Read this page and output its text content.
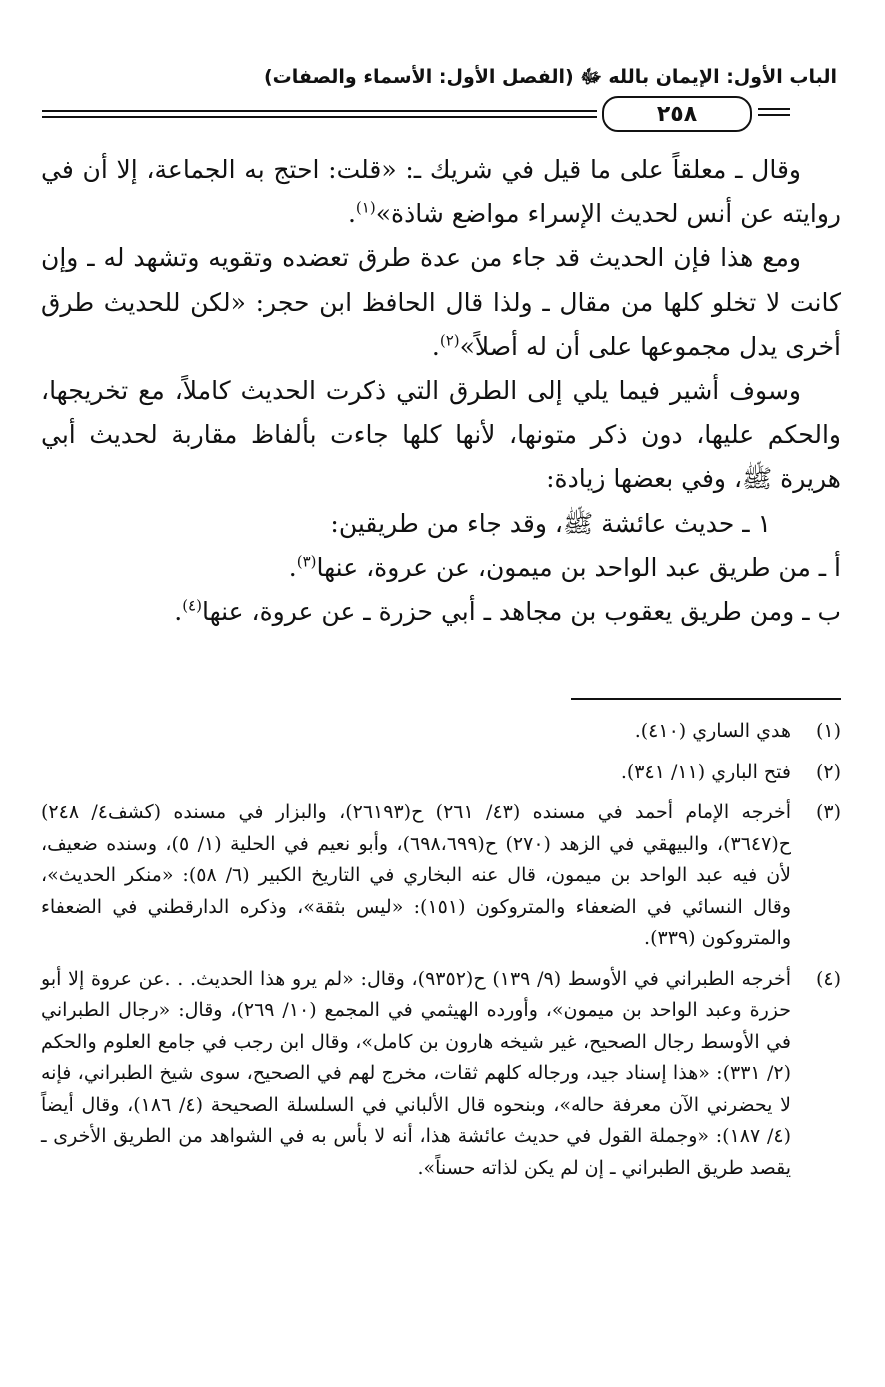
الباب الأول: الإيمان بالله ﷻ (الفصل الأول: الأسماء والصفات)
٢٥٨

وقال ـ معلقاً على ما قيل في شريك ـ: «قلت: احتج به الجماعة، إلا أن في روايته عن أنس لحديث الإسراء مواضع شاذة»$^{(١)}$.

ومع هذا فإن الحديث قد جاء من عدة طرق تعضده وتقويه وتشهد له ـ وإن كانت لا تخلو كلها من مقال ـ ولذا قال الحافظ ابن حجر: «لكن للحديث طرق أخرى يدل مجموعها على أن له أصلاً»$^{(٢)}$.

وسوف أشير فيما يلي إلى الطرق التي ذكرت الحديث كاملاً، مع تخريجها، والحكم عليها، دون ذكر متونها، لأنها كلها جاءت بألفاظ مقاربة لحديث أبي هريرة ﷺ، وفي بعضها زيادة:

١ ـ حديث عائشة ﷺ، وقد جاء من طريقين:

أ ـ من طريق عبد الواحد بن ميمون، عن عروة، عنها$^{(٣)}$.

ب ـ ومن طريق يعقوب بن مجاهد ـ أبي حزرة ـ عن عروة، عنها$^{(٤)}$.

(١)
هدي الساري (٤١٠).
(٢)
فتح الباري (١١/ ٣٤١).
(٣)
أخرجه الإمام أحمد في مسنده (٤٣/ ٢٦١) ح(٢٦١٩٣)، والبزار في مسنده (كشف٤/ ٢٤٨) ح(٣٦٤٧)، والبيهقي في الزهد (٢٧٠) ح(٦٩٨،٦٩٩)، وأبو نعيم في الحلية (١/ ٥)، وسنده ضعيف، لأن فيه عبد الواحد بن ميمون، قال عنه البخاري في التاريخ الكبير (٦/ ٥٨): «منكر الحديث»، وقال النسائي في الضعفاء والمتروكون (١٥١): «ليس بثقة»، وذكره الدارقطني في الضعفاء والمتروكون (٣٣٩).
(٤)
أخرجه الطبراني في الأوسط (٩/ ١٣٩) ح(٩٣٥٢)، وقال: «لم يرو هذا الحديث. . .عن عروة إلا أبو حزرة وعبد الواحد بن ميمون»، وأورده الهيثمي في المجمع (١٠/ ٢٦٩)، وقال: «رجال الطبراني في الأوسط رجال الصحيح، غير شيخه هارون بن كامل»، وقال ابن رجب في جامع العلوم والحكم (٢/ ٣٣١): «هذا إسناد جيد، ورجاله كلهم ثقات، مخرج لهم في الصحيح، سوى شيخ الطبراني، فإنه لا يحضرني الآن معرفة حاله»، وبنحوه قال الألباني في السلسلة الصحيحة (٤/ ١٨٦)، وقال أيضاً (٤/ ١٨٧): «وجملة القول في حديث عائشة هذا، أنه لا بأس به في الشواهد من الطريق الأخرى ـ يقصد طريق الطبراني ـ إن لم يكن لذاته حسناً».
